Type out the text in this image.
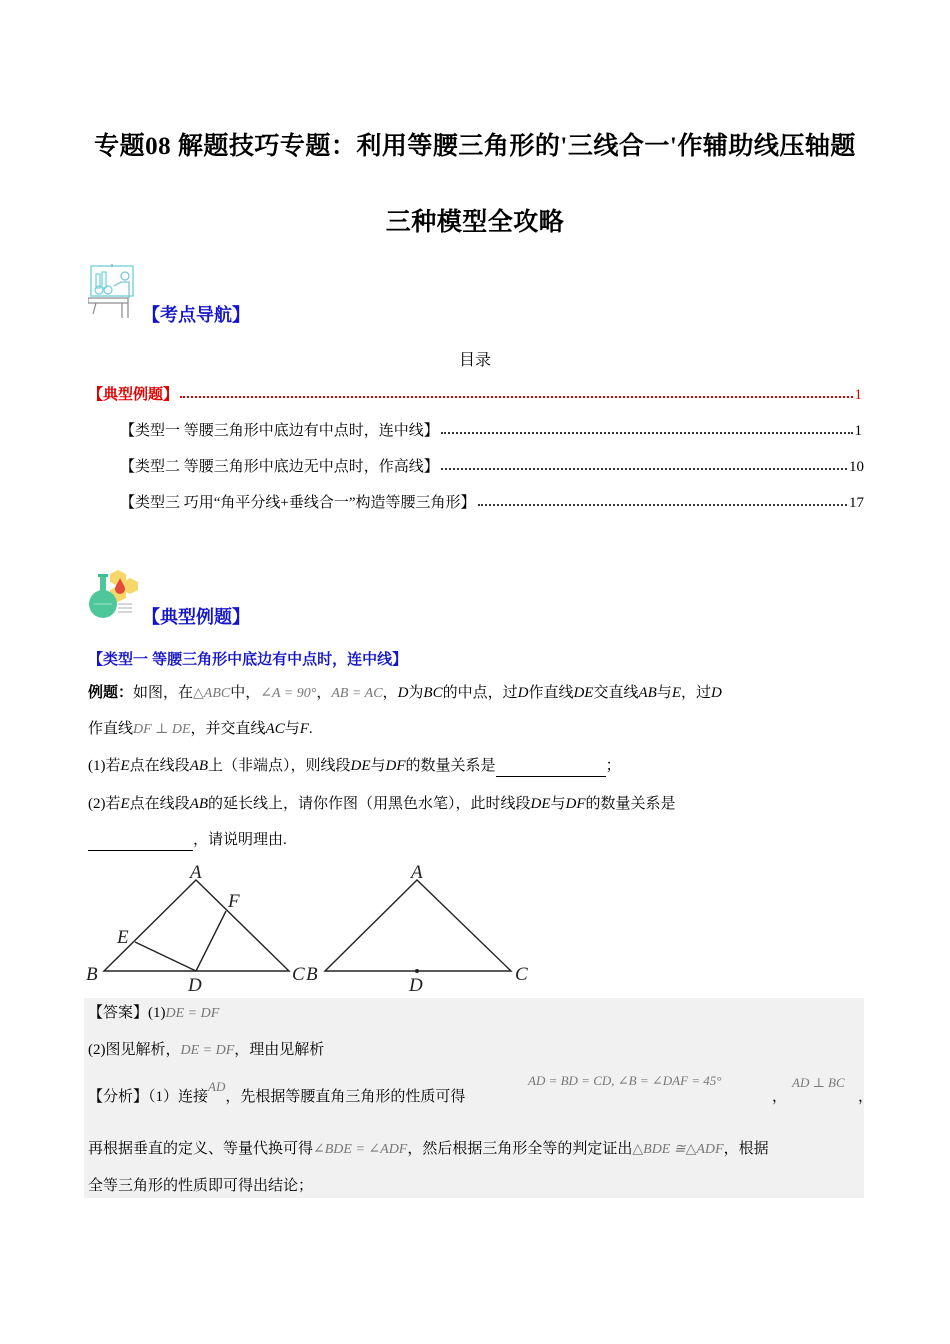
专题08 解题技巧专题：利用等腰三角形的'三线合一'作辅助线压轴题
三种模型全攻略
【考点导航】
目录
【典型例题】	1
【类型一 等腰三角形中底边有中点时，连中线】	1
【类型二 等腰三角形中底边无中点时，作高线】	10
【类型三 巧用“角平分线+垂线合一”构造等腰三角形】	17
【典型例题】
【类型一 等腰三角形中底边有中点时，连中线】
例题：如图，在△ABC中，∠A = 90°，AB = AC，D为BC的中点，过D作直线DE交直线AB与E，过D
作直线DF ⊥ DE，并交直线AC与F.
(1)若E点在线段AB上（非端点），则线段DE与DF的数量关系是	；
(2)若E点在线段AB的延长线上，请你作图（用黑色水笔），此时线段DE与DF的数量关系是
，请说明理由.
A
B	C
D
E
F
A
B	C
D
【答案】(1)DE = DF
(2)图见解析，DE = DF，理由见解析
【分析】（1）连接AD，先根据等腰直角三角形的性质可得
AD = BD = CD, ∠B = ∠DAF = 45°
，
AD ⊥ BC
，
再根据垂直的定义、等量代换可得∠BDE = ∠ADF，然后根据三角形全等的判定证出△BDE ≅△ADF，根据
全等三角形的性质即可得出结论；
